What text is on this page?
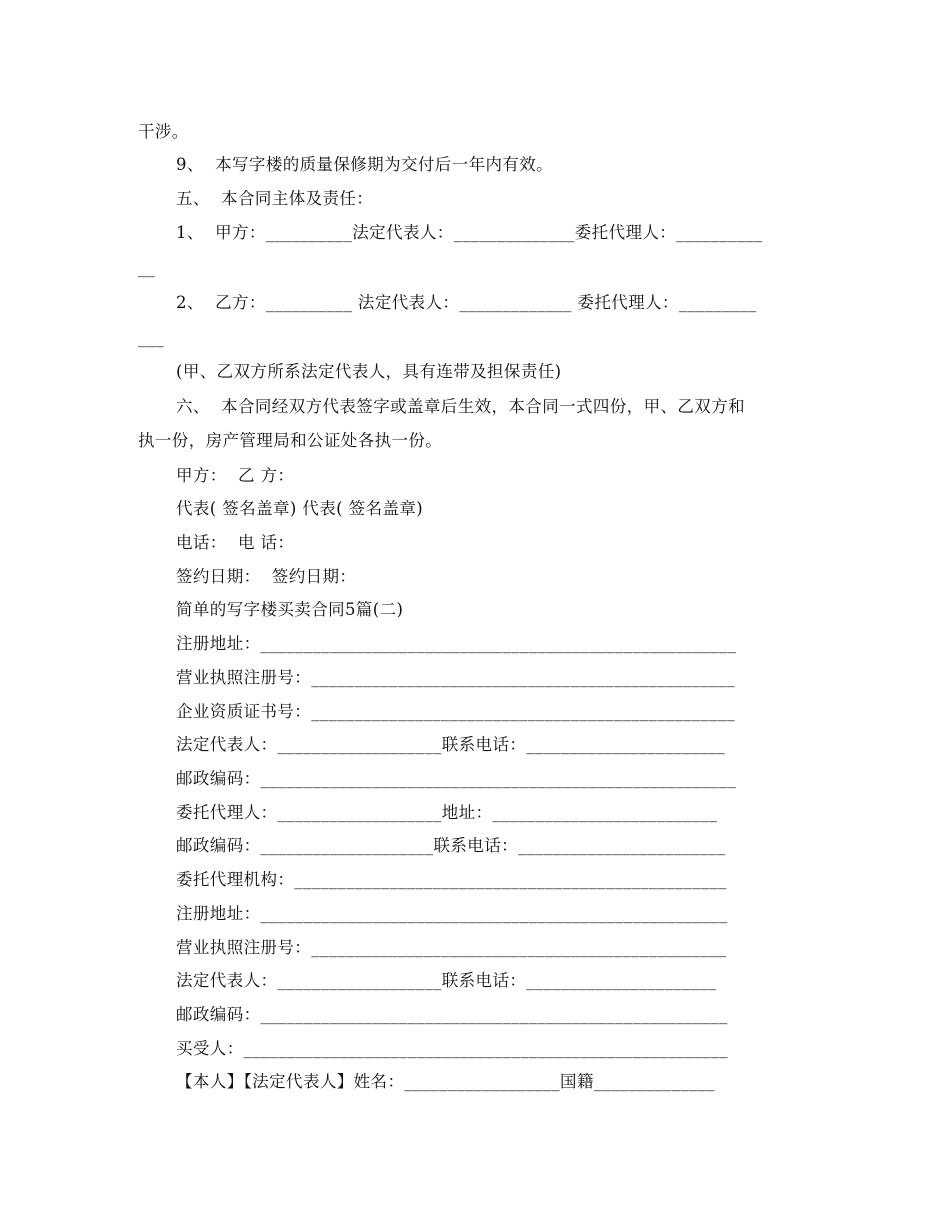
干涉。
9、  本写字楼的质量保修期为交付后一年内有效。
五、  本合同主体及责任：
1、  甲方：__________法定代表人：______________委托代理人：__________
__
2、  乙方：__________ 法定代表人：_____________ 委托代理人：_________
___
(甲、乙双方所系法定代表人，具有连带及担保责任)
六、  本合同经双方代表签字或盖章后生效，本合同一式四份，甲、乙双方和
执一份，房产管理局和公证处各执一份。
甲方：  乙 方：
代表( 签名盖章) 代表( 签名盖章)
电话：  电 话：
签约日期：  签约日期：
简单的写字楼买卖合同5篇(二)
注册地址：_______________________________________________________
营业执照注册号：_________________________________________________
企业资质证书号：_________________________________________________
法定代表人：___________________联系电话：_______________________
邮政编码：_______________________________________________________
委托代理人：___________________地址：__________________________
邮政编码：____________________联系电话：________________________
委托代理机构：__________________________________________________
注册地址：______________________________________________________
营业执照注册号：________________________________________________
法定代表人：___________________联系电话：______________________
邮政编码：______________________________________________________
买受人：________________________________________________________
【本人】【法定代表人】姓名：__________________国籍______________
